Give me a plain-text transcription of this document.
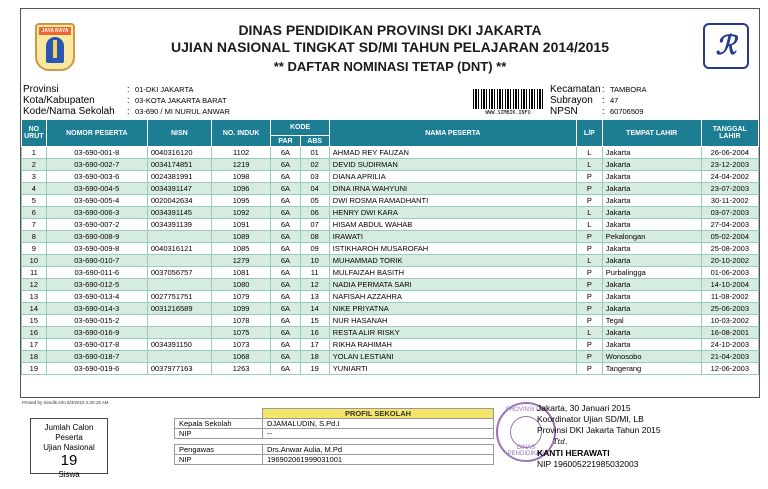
JAYA RAYA	DINAS PENDIDIKAN PROVINSI DKI JAKARTA
UJIAN NASIONAL TINGKAT SD/MI TAHUN PELAJARAN 2014/2015
** DAFTAR NOMINASI TETAP (DNT) **
ℛ
Provinsi	: 01-DKI JAKARTA
Kota/Kabupaten	: 03-KOTA JAKARTA BARAT
Kode/Nama Sekolah	: 03-690 / MI NURUL ANWAR	WWW.SIMBIK.INFO
Kecamatan : TAMBORA
Subrayon	: 47
NPSN	: 60706509
NO URUT	NOMOR PESERTA	NISN	NO. INDUK	KODE		NAMA PESERTA	L/P	TEMPAT LAHIR	TANGGAL LAHIR
				PAR	ABS				
1	03-690-001-8	0040316120	1102	6A	01	AHMAD REY FAUZAN	L	Jakarta	26-06-2004
2	03-690-002-7	0034174851	1219	6A	02	DEVID SUDIRMAN	L	Jakarta	23-12-2003
3	03-690-003-6	0024381991	1098	6A	03	DIANA APRILIA	P	Jakarta	24-04-2002
4	03-690-004-5	0034391147	1096	6A	04	DINA IRNA WAHYUNI	P	Jakarta	23-07-2003
5	03-690-005-4	0020042634	1095	6A	05	DWI ROSMA RAMADHANTI	P	Jakarta	30-11-2002
6	03-690-006-3	0034391145	1092	6A	06	HENRY DWI KARA	L	Jakarta	03-07-2003
7	03-690-007-2	0034391139	1091	6A	07	HISAM ABDUL WAHAB	L	Jakarta	27-04-2003
8	03-690-008-9		1089	6A	08	IRAWATI	P	Pekalongan	05-02-2004
9	03-690-009-8	0040316121	1085	6A	09	ISTIKHAROH MUSAROFAH	P	Jakarta	25-08-2003
10	03-690-010-7		1279	6A	10	MUHAMMAD TORIK	L	Jakarta	20-10-2002
11	03-690-011-6	0037056757	1081	6A	11	MULFAIZAH BASITH	P	Purbalingga	01-06-2003
12	03-690-012-5		1080	6A	12	NADIA PERMATA SARI	P	Jakarta	14-10-2004
13	03-690-013-4	0027751751	1079	6A	13	NAFISAH AZZAHRA	P	Jakarta	11-08-2002
14	03-690-014-3	0031216589	1099	6A	14	NIKE PRIYATNA	P	Jakarta	25-06-2003
15	03-690-015-2		1078	6A	15	NUR HASANAH	P	Tegal	10-03-2002
16	03-690-016-9		1075	6A	16	RESTA ALIR RISKY	L	Jakarta	16-08-2001
17	03-690-017-8	0034391150	1073	6A	17	RIKHA RAHIMAH	P	Jakarta	24-10-2003
18	03-690-018-7		1068	6A	18	YOLAN LESTIANI	P	Wonosobo	21-04-2003
19	03-690-019-6	0037977163	1263	6A	19	YUNIARTI	P	Tangerang	12-06-2003
Printed by Simdik.Info 5/3/2015 2:20:18 AM
Jumlah Calon Peserta
Ujian Nasional
19
Siswa
	PROFIL SEKOLAH
Kepala Sekolah	DJAMALUDIN, S.Pd.I
NIP	--

Pengawas	Drs.Anwar Aulia, M.Pd
NIP	196902061999031001
PROVINSI DKI
DINAS PENDIDIKAN
Jakarta, 30 Januari 2015
Koordinator Ujian SD/MI, LB
Provinsi DKI Jakarta Tahun 2015
Ttd.
KANTI HERAWATI
NIP 196005221985032003
